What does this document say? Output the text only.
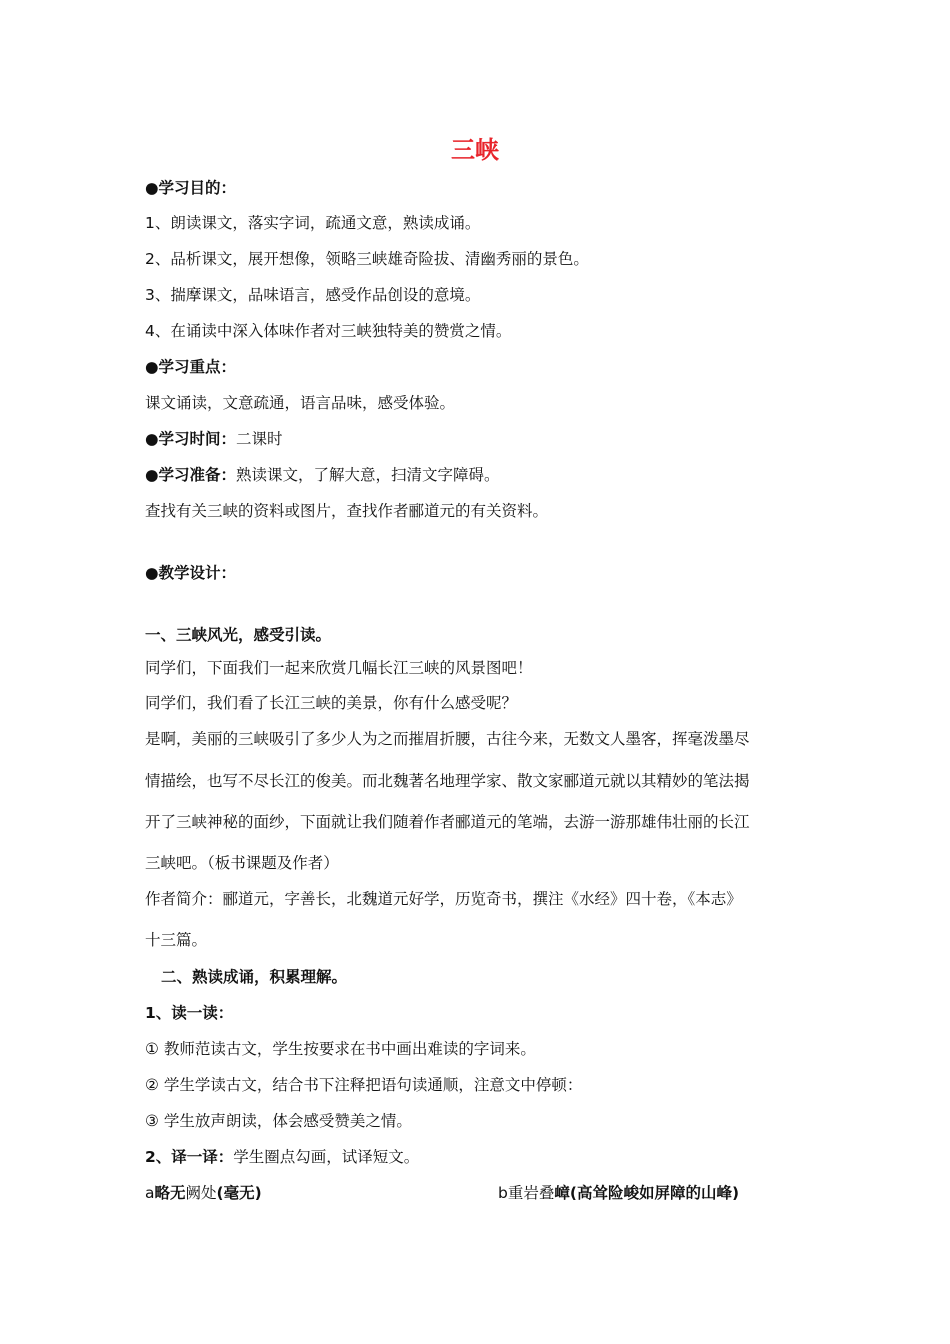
三峡
●学习目的：
1、朗读课文，落实字词，疏通文意，熟读成诵。
2、品析课文，展开想像，领略三峡雄奇险拔、清幽秀丽的景色。
3、揣摩课文，品味语言，感受作品创设的意境。
4、在诵读中深入体味作者对三峡独特美的赞赏之情。
●学习重点：
课文诵读，文意疏通，语言品味，感受体验。
●学习时间：二课时
●学习准备：熟读课文，了解大意，扫清文字障碍。
查找有关三峡的资料或图片，查找作者郦道元的有关资料。
●教学设计：
一、三峡风光，感受引读。
同学们，下面我们一起来欣赏几幅长江三峡的风景图吧！
同学们，我们看了长江三峡的美景，你有什么感受呢？
是啊，美丽的三峡吸引了多少人为之而摧眉折腰，古往今来，无数文人墨客，挥毫泼墨尽
情描绘，也写不尽长江的俊美。而北魏著名地理学家、散文家郦道元就以其精妙的笔法揭
开了三峡神秘的面纱，下面就让我们随着作者郦道元的笔端，去游一游那雄伟壮丽的长江
三峡吧。（板书课题及作者）
作者简介：郦道元，字善长，北魏道元好学，历览奇书，撰注《水经》四十卷，《本志》
十三篇。
二、熟读成诵，积累理解。
1、读一读：
① 教师范读古文，学生按要求在书中画出难读的字词来。
② 学生学读古文，结合书下注释把语句读通顺，注意文中停顿：
③ 学生放声朗读，体会感受赞美之情。
2、译一译：学生圈点勾画，试译短文。
a略无阙处(毫无)	b重岩叠嶂(高耸险峻如屏障的山峰)
